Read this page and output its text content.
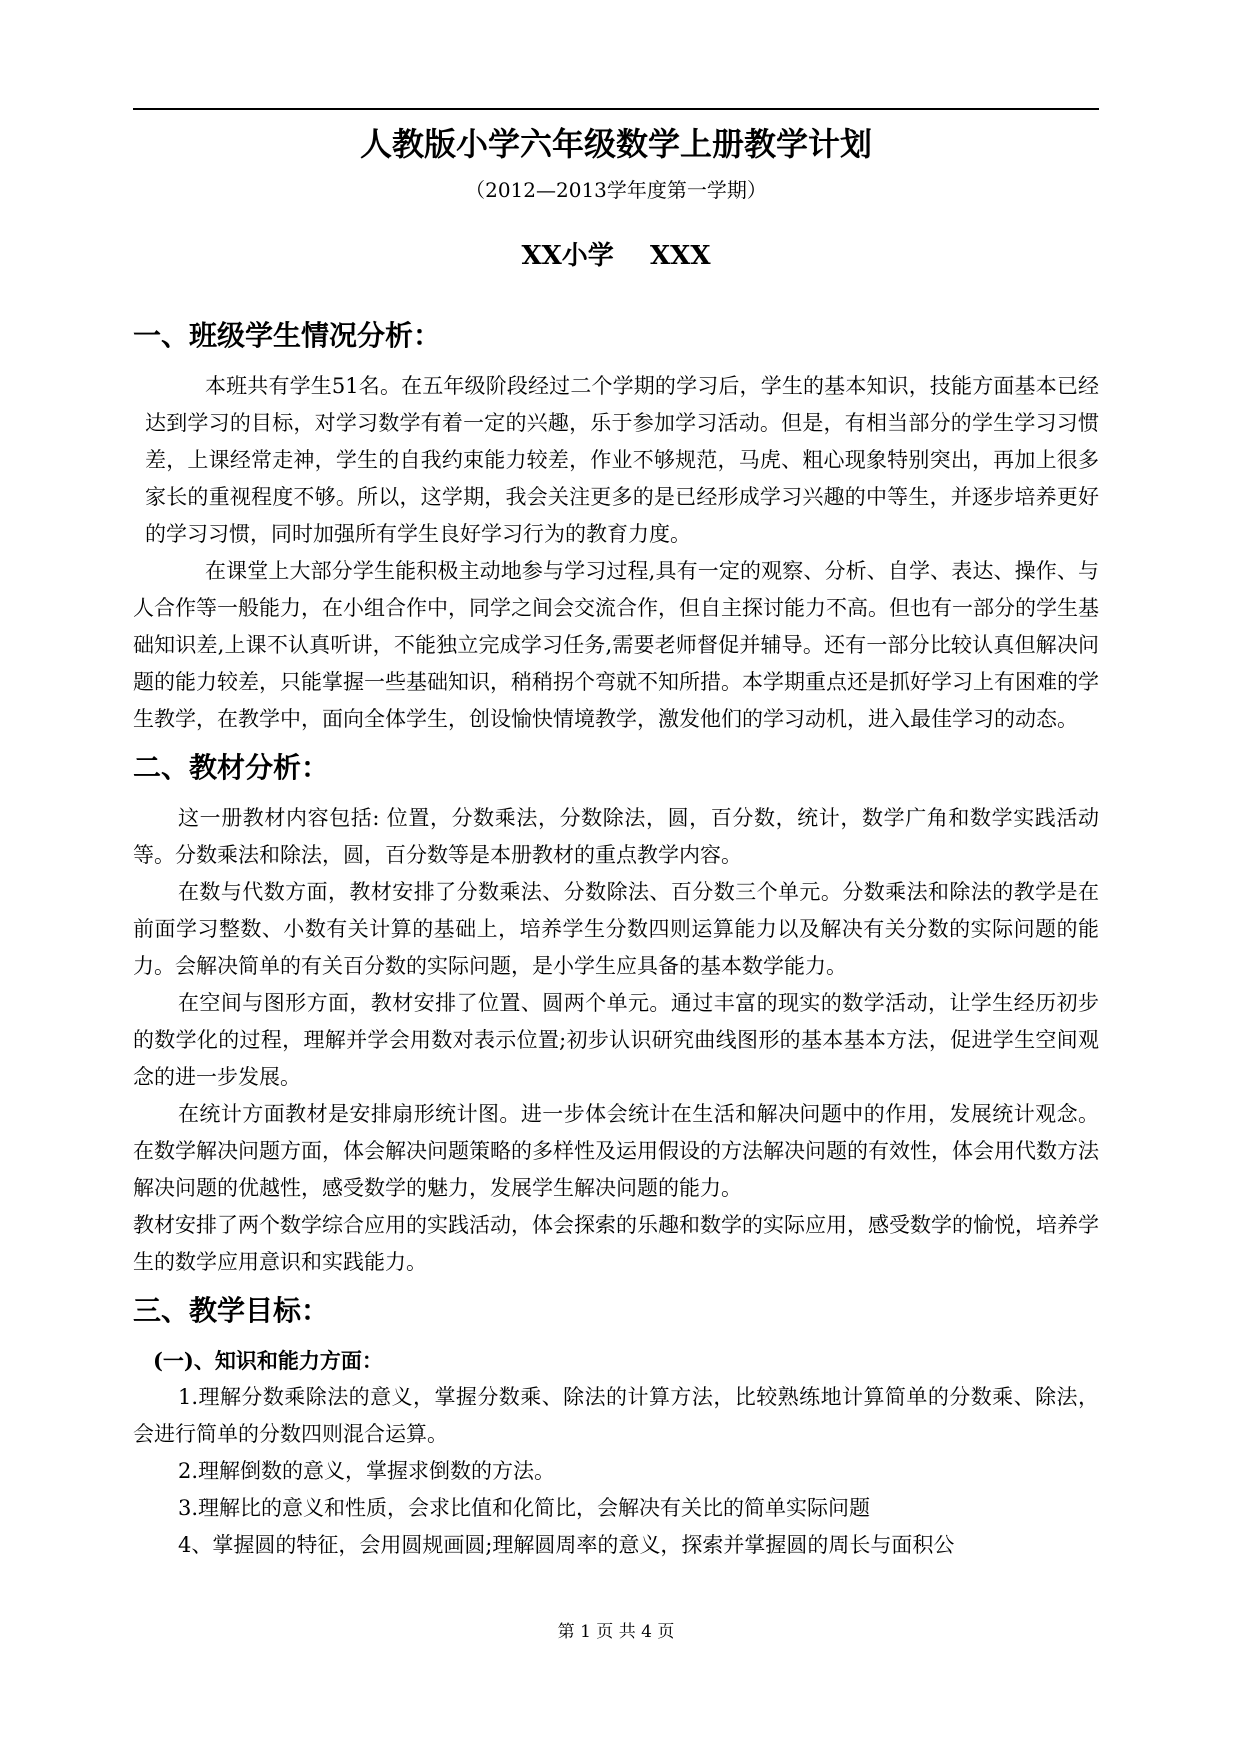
人教版小学六年级数学上册教学计划

（2012—2013学年度第一学期）

XX小学    XXX

一、班级学生情况分析：

本班共有学生51名。在五年级阶段经过二个学期的学习后，学生的基本知识，技能方面基本已经达到学习的目标，对学习数学有着一定的兴趣，乐于参加学习活动。但是，有相当部分的学生学习习惯差，上课经常走神，学生的自我约束能力较差，作业不够规范，马虎、粗心现象特别突出，再加上很多家长的重视程度不够。所以，这学期，我会关注更多的是已经形成学习兴趣的中等生，并逐步培养更好的学习习惯，同时加强所有学生良好学习行为的教育力度。

在课堂上大部分学生能积极主动地参与学习过程,具有一定的观察、分析、自学、表达、操作、与人合作等一般能力，在小组合作中，同学之间会交流合作，但自主探讨能力不高。但也有一部分的学生基础知识差,上课不认真听讲，不能独立完成学习任务,需要老师督促并辅导。还有一部分比较认真但解决问题的能力较差，只能掌握一些基础知识，稍稍拐个弯就不知所措。本学期重点还是抓好学习上有困难的学生教学，在教学中，面向全体学生，创设愉快情境教学，激发他们的学习动机，进入最佳学习的动态。

二、教材分析：

这一册教材内容包括: 位置，分数乘法，分数除法，圆，百分数，统计，数学广角和数学实践活动等。分数乘法和除法，圆，百分数等是本册教材的重点教学内容。

在数与代数方面，教材安排了分数乘法、分数除法、百分数三个单元。分数乘法和除法的教学是在前面学习整数、小数有关计算的基础上，培养学生分数四则运算能力以及解决有关分数的实际问题的能力。会解决简单的有关百分数的实际问题，是小学生应具备的基本数学能力。

在空间与图形方面，教材安排了位置、圆两个单元。通过丰富的现实的数学活动，让学生经历初步的数学化的过程，理解并学会用数对表示位置;初步认识研究曲线图形的基本基本方法，促进学生空间观念的进一步发展。

在统计方面教材是安排扇形统计图。进一步体会统计在生活和解决问题中的作用，发展统计观念。在数学解决问题方面，体会解决问题策略的多样性及运用假设的方法解决问题的有效性，体会用代数方法解决问题的优越性，感受数学的魅力，发展学生解决问题的能力。

教材安排了两个数学综合应用的实践活动，体会探索的乐趣和数学的实际应用，感受数学的愉悦，培养学生的数学应用意识和实践能力。

三、教学目标：

(一)、知识和能力方面：

1.理解分数乘除法的意义，掌握分数乘、除法的计算方法，比较熟练地计算简单的分数乘、除法，会进行简单的分数四则混合运算。

2.理解倒数的意义，掌握求倒数的方法。

3.理解比的意义和性质，会求比值和化简比，会解决有关比的简单实际问题

4、掌握圆的特征，会用圆规画圆;理解圆周率的意义，探索并掌握圆的周长与面积公

第 1 页 共 4 页
